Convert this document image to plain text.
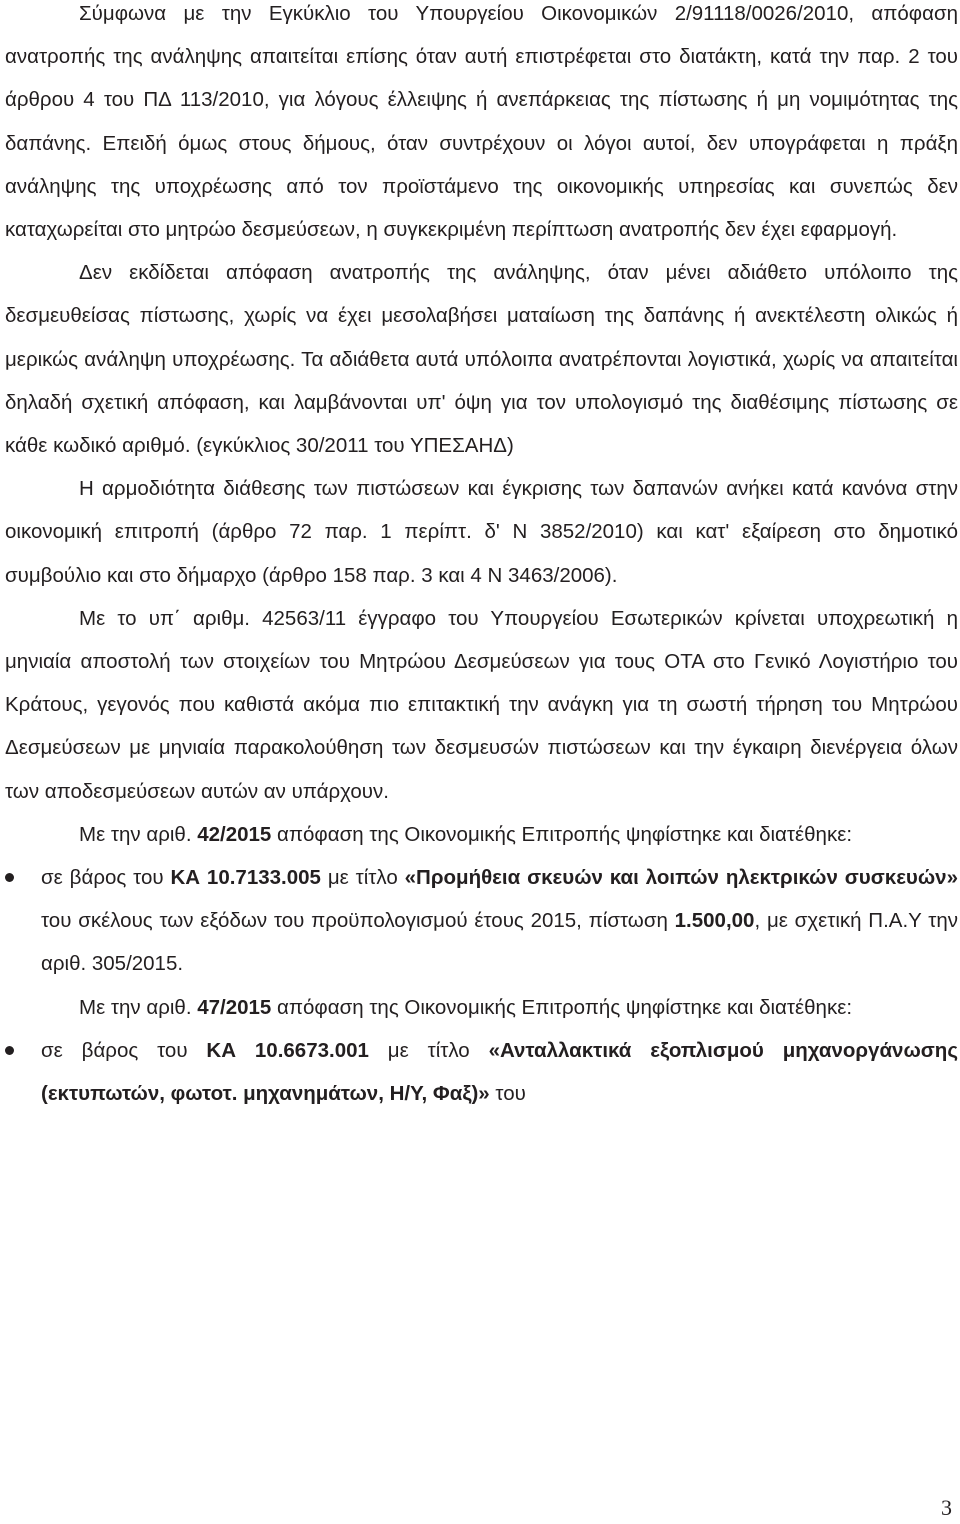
Σύμφωνα με την Εγκύκλιο του Υπουργείου Οικονομικών 2/91118/0026/2010, απόφαση ανατροπής της ανάληψης απαιτείται επίσης όταν αυτή επιστρέφεται στο διατάκτη, κατά την παρ. 2 του άρθρου 4 του ΠΔ 113/2010, για λόγους έλλειψης ή ανεπάρκειας της πίστωσης ή μη νομιμότητας της δαπάνης. Επειδή όμως στους δήμους, όταν συντρέχουν οι λόγοι αυτοί, δεν υπογράφεται η πράξη ανάληψης της υποχρέωσης από τον προϊστάμενο της οικονομικής υπηρεσίας και συνεπώς δεν καταχωρείται στο μητρώο δεσμεύσεων, η συγκεκριμένη περίπτωση ανατροπής δεν έχει εφαρμογή.

Δεν εκδίδεται απόφαση ανατροπής της ανάληψης, όταν μένει αδιάθετο υπόλοιπο της δεσμευθείσας πίστωσης, χωρίς να έχει μεσολαβήσει ματαίωση της δαπάνης ή ανεκτέλεστη ολικώς ή μερικώς ανάληψη υποχρέωσης. Τα αδιάθετα αυτά υπόλοιπα ανατρέπονται λογιστικά, χωρίς να απαιτείται δηλαδή σχετική απόφαση, και λαμβάνονται υπ' όψη για τον υπολογισμό της διαθέσιμης πίστωσης σε κάθε κωδικό αριθμό. (εγκύκλιος 30/2011 του ΥΠΕΣΑΗΔ)

Η αρμοδιότητα διάθεσης των πιστώσεων και έγκρισης των δαπανών ανήκει κατά κανόνα στην οικονομική επιτροπή (άρθρο 72 παρ. 1 περίπτ. δ' Ν 3852/2010) και κατ' εξαίρεση στο δημοτικό συμβούλιο και στο δήμαρχο (άρθρο 158 παρ. 3 και 4 Ν 3463/2006).

Με το υπ΄ αριθμ. 42563/11 έγγραφο του Υπουργείου Εσωτερικών κρίνεται υποχρεωτική η μηνιαία αποστολή των στοιχείων του Μητρώου Δεσμεύσεων για τους ΟΤΑ στο Γενικό Λογιστήριο του Κράτους, γεγονός που καθιστά ακόμα πιο επιτακτική την ανάγκη για τη σωστή τήρηση του Μητρώου Δεσμεύσεων με μηνιαία παρακολούθηση των δεσμευσών πιστώσεων και την έγκαιρη διενέργεια όλων των αποδεσμεύσεων αυτών αν υπάρχουν.

Με την αριθ. 42/2015 απόφαση της Οικονομικής Επιτροπής ψηφίστηκε και διατέθηκε:

σε βάρος του ΚΑ 10.7133.005 με τίτλο «Προμήθεια σκευών και λοιπών ηλεκτρικών συσκευών» του σκέλους των εξόδων του προϋπολογισμού έτους 2015, πίστωση 1.500,00, με σχετική Π.Α.Υ την αριθ. 305/2015.

Με την αριθ. 47/2015 απόφαση της Οικονομικής Επιτροπής ψηφίστηκε και διατέθηκε:

σε βάρος του ΚΑ 10.6673.001 με τίτλο «Ανταλλακτικά εξοπλισμού μηχανοργάνωσης (εκτυπωτών, φωτοτ. μηχανημάτων, Η/Υ, Φαξ)» του

3
